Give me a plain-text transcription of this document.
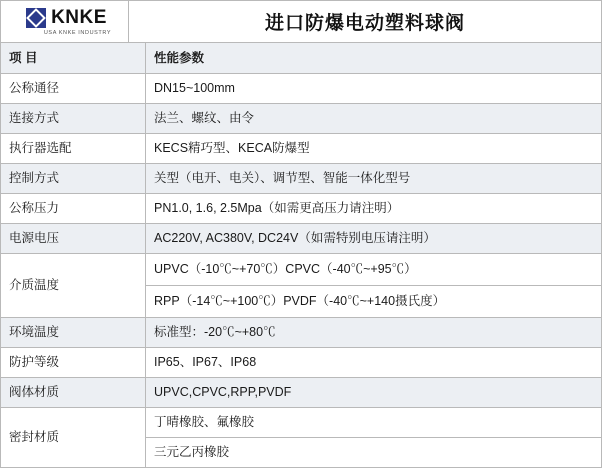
KNKE
USA KNKE INDUSTRY	进口防爆电动塑料球阀
项 目	性能参数
公称通径	DN15~100mm
连接方式	法兰、螺纹、由令
执行器选配	KECS精巧型、KECA防爆型
控制方式	关型（电开、电关）、调节型、智能一体化型号
公称压力	PN1.0, 1.6, 2.5Mpa（如需更高压力请注明）
电源电压	AC220V, AC380V, DC24V（如需特别电压请注明）
介质温度	UPVC（-10℃~+70℃）CPVC（-40℃~+95℃）
	RPP（-14℃~+100℃）PVDF（-40℃~+140摄氏度）
环境温度	标准型：-20℃~+80℃
防护等级	IP65、IP67、IP68
阀体材质	UPVC,CPVC,RPP,PVDF
密封材质	丁晴橡胶、氟橡胶
	三元乙丙橡胶
